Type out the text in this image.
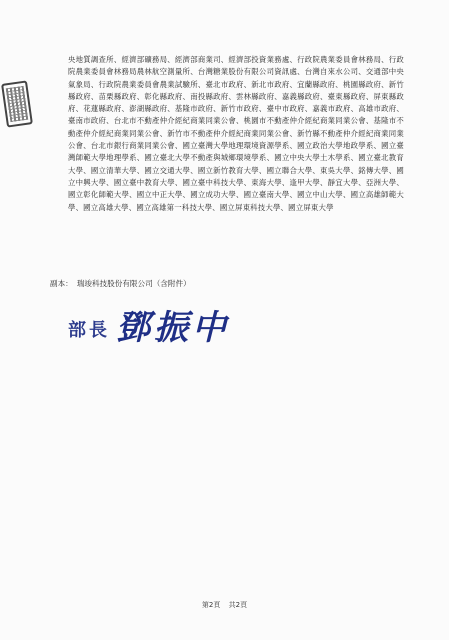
央地質調查所、經濟部礦務局、經濟部商業司、經濟部投資業務處、行政院農業委員會林務局、行政院農業委員會林務局農林航空測量所、台灣糖業股份有限公司資訊處、台灣自來水公司、交通部中央氣象局、行政院農業委員會農業試驗所、臺北市政府、新北市政府、宜蘭縣政府、桃園縣政府、新竹縣政府、苗栗縣政府、彰化縣政府、南投縣政府、雲林縣政府、嘉義縣政府、臺東縣政府、屏東縣政府、花蓮縣政府、澎湖縣政府、基隆市政府、新竹市政府、臺中市政府、嘉義市政府、高雄市政府、臺南市政府、台北市不動產仲介經紀商業同業公會、桃園市不動產仲介經紀商業同業公會、基隆市不動產仲介經紀商業同業公會、新竹市不動產仲介經紀商業同業公會、新竹縣不動產仲介經紀商業同業公會、台北市銀行商業同業公會、國立臺灣大學地理環境資源學系、國立政治大學地政學系、國立臺灣師範大學地理學系、國立臺北大學不動產與城鄉環境學系、國立中央大學土木學系、國立臺北教育大學、國立清華大學、國立交通大學、國立新竹教育大學、國立聯合大學、東吳大學、銘傳大學、國立中興大學、國立臺中教育大學、國立臺中科技大學、東海大學、逢甲大學、靜宜大學、亞洲大學、國立彰化師範大學、國立中正大學、國立成功大學、國立臺南大學、國立中山大學、國立高雄師範大學、國立高雄大學、國立高雄第一科技大學、國立屏東科技大學、國立屏東大學
副本： 瑞竣科技股份有限公司（含附件）
部長 鄧振中
第2頁 共2頁
